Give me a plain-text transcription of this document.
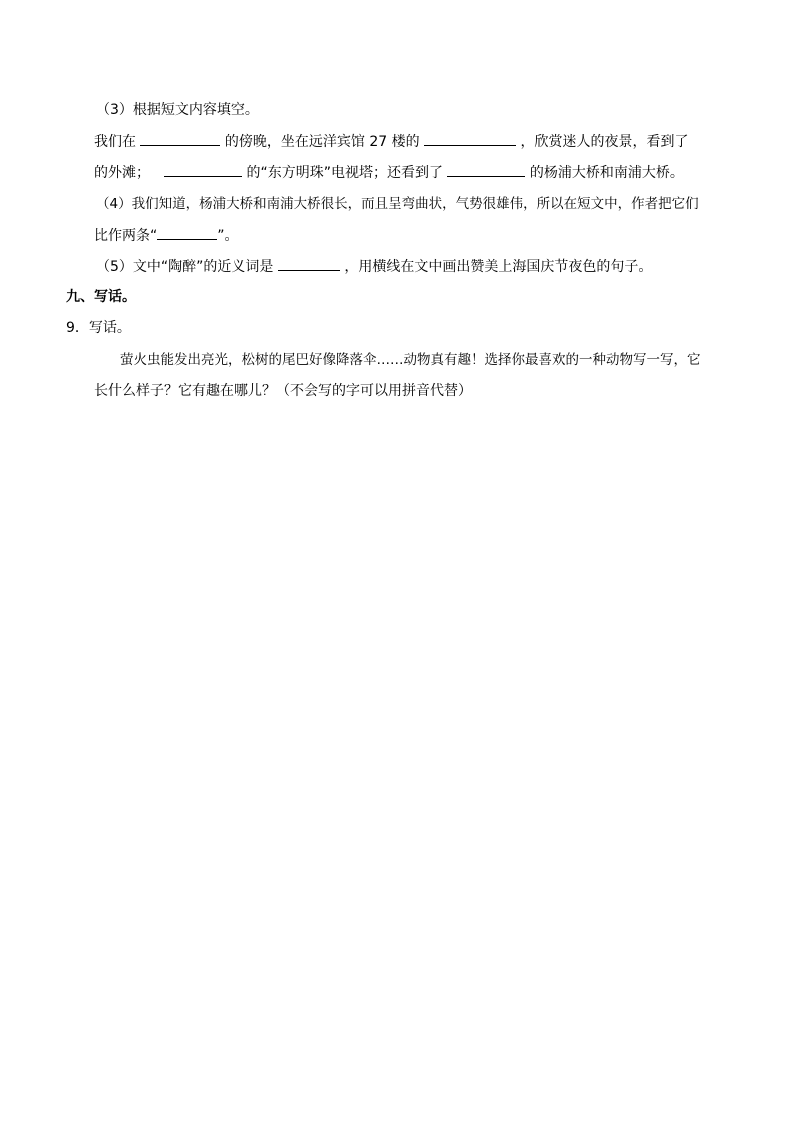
（3）根据短文内容填空。
我们在	的傍晚，坐在远洋宾馆 27 楼的	，欣赏迷人的夜景，看到了
的外滩；	的“东方明珠”电视塔；还看到了	的杨浦大桥和南浦大桥。
（4）我们知道，杨浦大桥和南浦大桥很长，而且呈弯曲状，气势很雄伟，所以在短文中，作者把它们
比作两条“	”。
（5）文中“陶醉”的近义词是	，用横线在文中画出赞美上海国庆节夜色的句子。
九、写话。
9．写话。
萤火虫能发出亮光，松树的尾巴好像降落伞……动物真有趣！选择你最喜欢的一种动物写一写，它
长什么样子？它有趣在哪儿？（不会写的字可以用拼音代替）
